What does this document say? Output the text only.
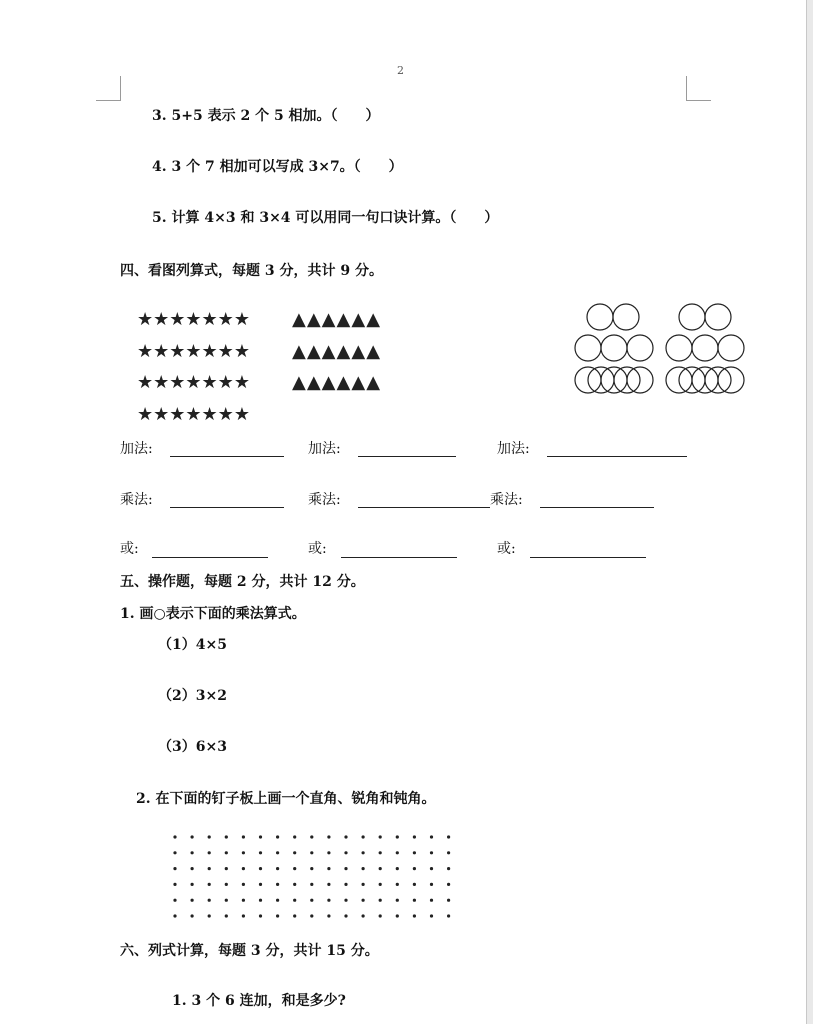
2
3. 5+5 表示 2 个 5 相加。（　　）
4. 3 个 7 相加可以写成 3×7。（　　）
5. 计算 4×3 和 3×4 可以用同一句口诀计算。（　　）
四、看图列算式，每题 3 分，共计 9 分。
★★★★★★★
★★★★★★★
★★★★★★★
★★★★★★★
▲▲▲▲▲▲
▲▲▲▲▲▲
▲▲▲▲▲▲
加法:	加法:	加法:
乘法:	乘法:	乘法:
或:	或:	或:
五、操作题，每题 2 分，共计 12 分。
1. 画○表示下面的乘法算式。
（1）4×5
（2）3×2
（3）6×3
2. 在下面的钉子板上画一个直角、锐角和钝角。
六、列式计算，每题 3 分，共计 15 分。
1. 3 个 6 连加，和是多少?
